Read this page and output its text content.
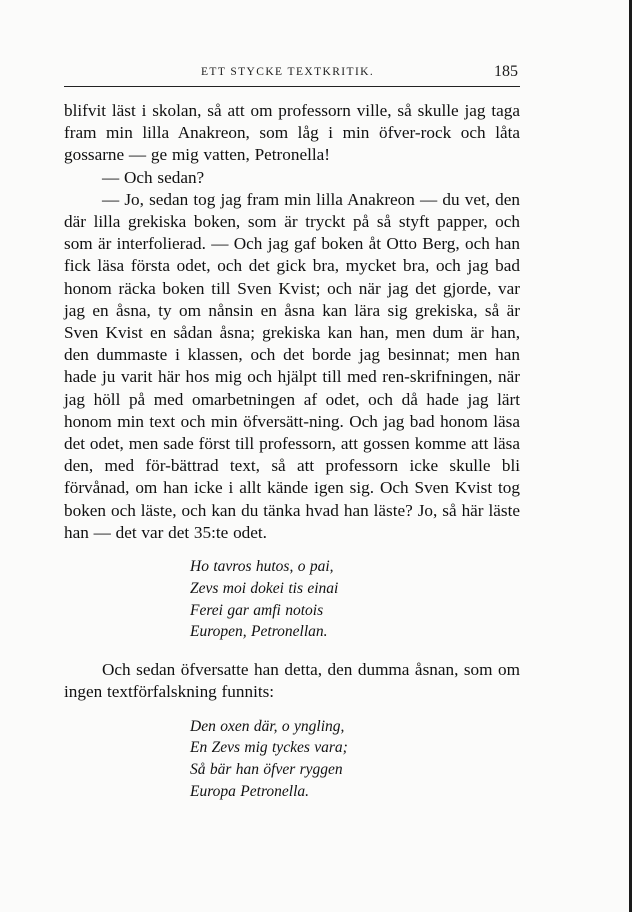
ETT STYCKE TEXTKRITIK.	185

blifvit läst i skolan, så att om professorn ville, så skulle jag taga fram min lilla Anakreon, som låg i min öfver-rock och låta gossarne — ge mig vatten, Petronella!

— Och sedan?

— Jo, sedan tog jag fram min lilla Anakreon — du vet, den där lilla grekiska boken, som är tryckt på så styft papper, och som är interfolierad. — Och jag gaf boken åt Otto Berg, och han fick läsa första odet, och det gick bra, mycket bra, och jag bad honom räcka boken till Sven Kvist; och när jag det gjorde, var jag en åsna, ty om nånsin en åsna kan lära sig grekiska, så är Sven Kvist en sådan åsna; grekiska kan han, men dum är han, den dummaste i klassen, och det borde jag besinnat; men han hade ju varit här hos mig och hjälpt till med ren-skrifningen, när jag höll på med omarbetningen af odet, och då hade jag lärt honom min text och min öfversätt-ning. Och jag bad honom läsa det odet, men sade först till professorn, att gossen komme att läsa den, med för-bättrad text, så att professorn icke skulle bli förvånad, om han icke i allt kände igen sig. Och Sven Kvist tog boken och läste, och kan du tänka hvad han läste? Jo, så här läste han — det var det 35:te odet.

Ho tavros hutos, o pai,
Zevs moi dokei tis einai
Ferei gar amfi notois
Europen, Petronellan.

Och sedan öfversatte han detta, den dumma åsnan, som om ingen textförfalskning funnits:

Den oxen där, o yngling,
En Zevs mig tyckes vara;
Så bär han öfver ryggen
Europa Petronella.
